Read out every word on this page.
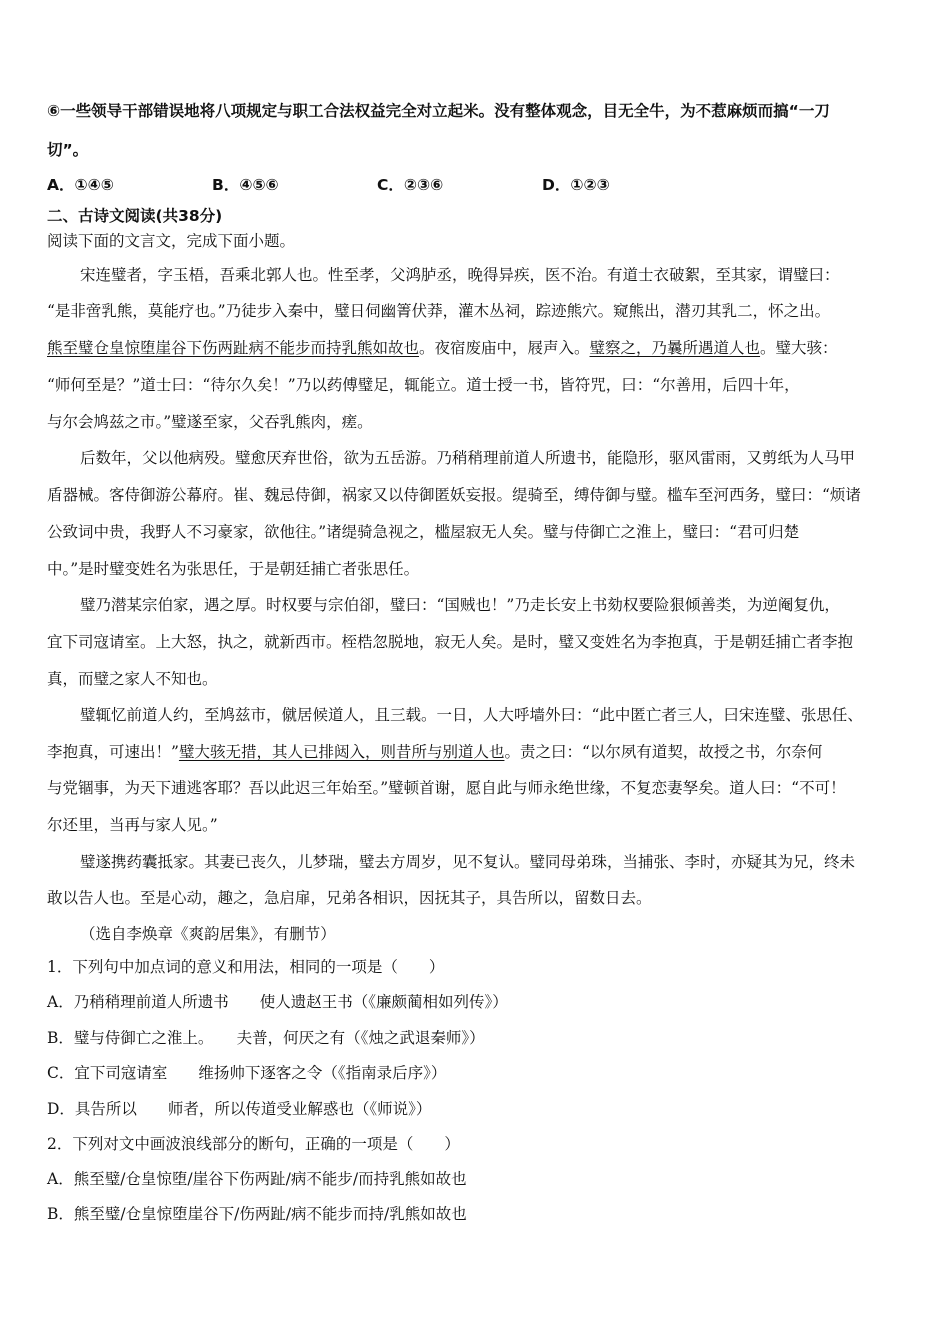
⑥一些领导干部错误地将八项规定与职工合法权益完全对立起米。没有整体观念，目无全牛，为不惹麻烦而搞“一刀
切”。
A．①④⑤	B．④⑤⑥	C．②③⑥	D．①②③
二、古诗文阅读(共38分)
阅读下面的文言文，完成下面小题。
宋连璧者，字玉梧，吾乘北郭人也。性至孝，父鸿胪丞，晚得异疾，医不治。有道士衣破絮，至其家，谓璧曰：
“是非啻乳熊，莫能疗也。”乃徒步入秦中，璧日伺幽箐伏莽，灌木丛祠，踪迹熊穴。窥熊出，潜刃其乳二，怀之出。
熊至璧仓皇惊堕崖谷下伤两趾病不能步而持乳熊如故也。夜宿废庙中，屐声入。璧察之，乃曩所遇道人也。璧大骇：
“师何至是？”道士曰：“待尔久矣！”乃以药傅璧足，辄能立。道士授一书，皆符咒，曰：“尔善用，后四十年，
与尔会鸠兹之市。”璧遂至家，父吞乳熊肉，瘥。
后数年，父以他病殁。璧愈厌弃世俗，欲为五岳游。乃稍稍理前道人所遗书，能隐形，驱风雷雨，又剪纸为人马甲
盾器械。客侍御游公幕府。崔、魏忌侍御，祸家又以侍御匿妖妄报。缇骑至，缚侍御与璧。槛车至河西务，璧曰：“烦诸
公致词中贵，我野人不习豪家，欲他往。”诸缇骑急视之，槛屋寂无人矣。璧与侍御亡之淮上，璧曰：“君可归楚
中。”是时璧变姓名为张思任，于是朝廷捕亡者张思任。
璧乃潜某宗伯家，遇之厚。时权要与宗伯卻，璧曰：“国贼也！”乃走长安上书劾权要险狠倾善类，为逆阉复仇，
宜下司寇请室。上大怒，执之，就新西市。桎梏忽脱地，寂无人矣。是时，璧又变姓名为李抱真，于是朝廷捕亡者李抱
真，而璧之家人不知也。
璧辄忆前道人约，至鸠兹市，僦居候道人，且三载。一日，人大呼墙外曰：“此中匿亡者三人，曰宋连璧、张思任、
李抱真，可速出！”璧大骇无措，其人已排闼入，则昔所与别道人也。责之曰：“以尔夙有道契，故授之书，尔奈何
与党锢事，为天下逋逃客耶？吾以此迟三年始至。”璧顿首谢，愿自此与师永绝世缘，不复恋妻孥矣。道人曰：“不可！
尔还里，当再与家人见。”
璧遂携药囊抵家。其妻已丧久，儿梦瑞，璧去方周岁，见不复认。璧同母弟珠，当捕张、李时，亦疑其为兄，终未
敢以告人也。至是心动，趣之，急启扉，兄弟各相识，因抚其子，具告所以，留数日去。
（选自李焕章《爽韵居集》，有删节）
1．下列句中加点词的意义和用法，相同的一项是（　　）
A．乃稍稍理前道人所遗书　　使人遗赵王书（《廉颇蔺相如列传》）
B．璧与侍御亡之淮上。　　夫普，何厌之有（《烛之武退秦师》）
C．宜下司寇请室　　维扬帅下逐客之令（《指南录后序》）
D．具告所以　　师者，所以传道受业解惑也（《师说》）
2．下列对文中画波浪线部分的断句，正确的一项是（　　）
A．熊至璧/仓皇惊堕/崖谷下伤两趾/病不能步/而持乳熊如故也
B．熊至璧/仓皇惊堕崖谷下/伤两趾/病不能步而持/乳熊如故也
